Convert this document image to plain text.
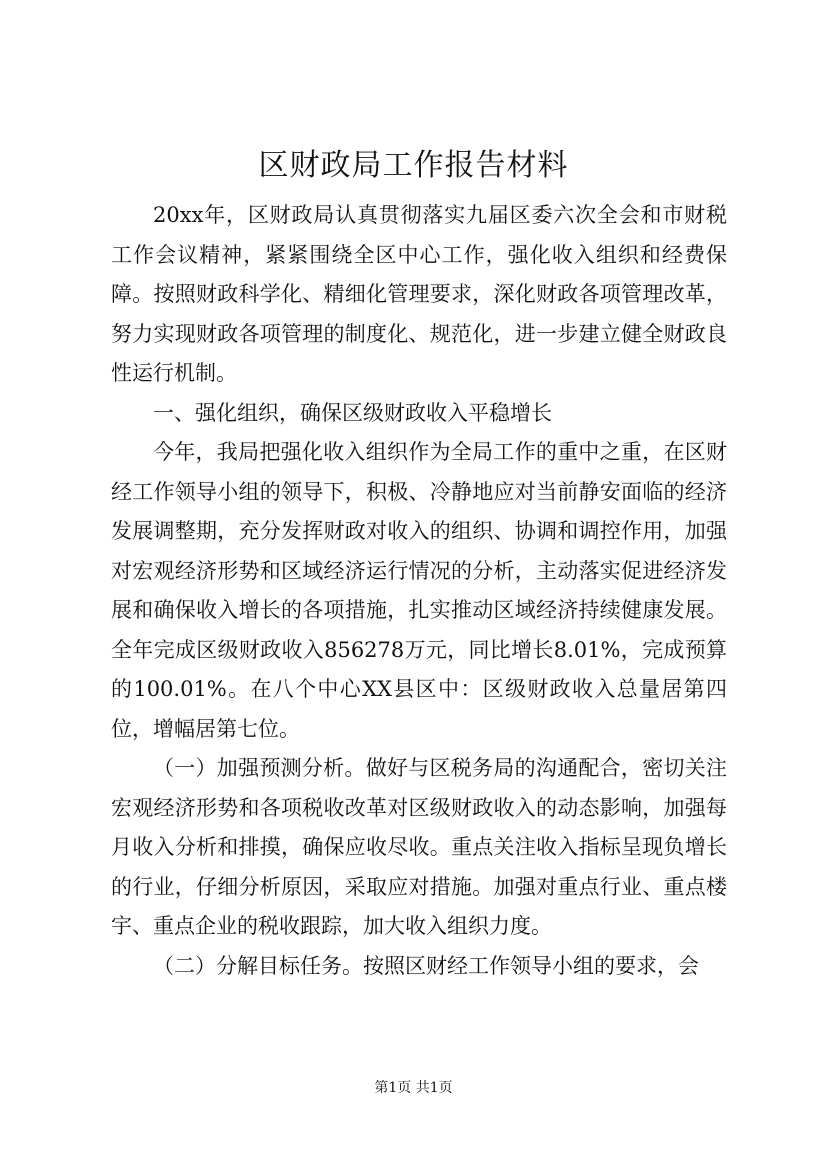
区财政局工作报告材料

20xx年，区财政局认真贯彻落实九届区委六次全会和市财税工作会议精神，紧紧围绕全区中心工作，强化收入组织和经费保障。按照财政科学化、精细化管理要求，深化财政各项管理改革，努力实现财政各项管理的制度化、规范化，进一步建立健全财政良性运行机制。

一、强化组织，确保区级财政收入平稳增长

今年，我局把强化收入组织作为全局工作的重中之重，在区财经工作领导小组的领导下，积极、冷静地应对当前静安面临的经济发展调整期，充分发挥财政对收入的组织、协调和调控作用，加强对宏观经济形势和区域经济运行情况的分析，主动落实促进经济发展和确保收入增长的各项措施，扎实推动区域经济持续健康发展。全年完成区级财政收入856278万元，同比增长8.01%，完成预算的100.01%。在八个中心XX县区中：区级财政收入总量居第四位，增幅居第七位。

（一）加强预测分析。做好与区税务局的沟通配合，密切关注宏观经济形势和各项税收改革对区级财政收入的动态影响，加强每月收入分析和排摸，确保应收尽收。重点关注收入指标呈现负增长的行业，仔细分析原因，采取应对措施。加强对重点行业、重点楼宇、重点企业的税收跟踪，加大收入组织力度。

（二）分解目标任务。按照区财经工作领导小组的要求，会

第1页 共1页
